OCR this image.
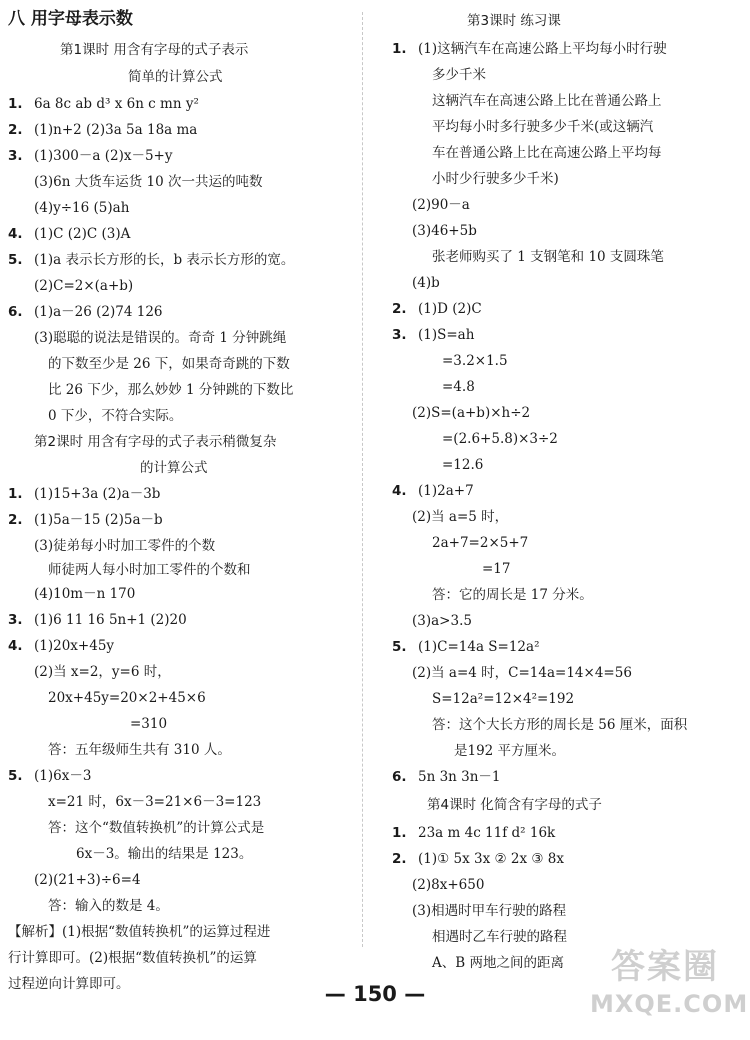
八 用字母表示数
第1课时 用含有字母的式子表示
简单的计算公式
1. 6a 8c ab d³ x 6n c mn y²
2. (1)n+2 (2)3a 5a 18a ma
3. (1)300－a (2)x－5+y
(3)6n 大货车运货 10 次一共运的吨数
(4)y÷16 (5)ah
4. (1)C (2)C (3)A
5. (1)a 表示长方形的长，b 表示长方形的宽。
(2)C=2×(a+b)
6. (1)a－26 (2)74 126
(3)聪聪的说法是错误的。奇奇 1 分钟跳绳
的下数至少是 26 下，如果奇奇跳的下数
比 26 下少，那么妙妙 1 分钟跳的下数比
0 下少，不符合实际。
第2课时 用含有字母的式子表示稍微复杂
的计算公式
1. (1)15+3a (2)a－3b
2. (1)5a－15 (2)5a－b
(3)徒弟每小时加工零件的个数
师徒两人每小时加工零件的个数和
(4)10m－n 170
3. (1)6 11 16 5n+1 (2)20
4. (1)20x+45y
(2)当 x=2，y=6 时，
20x+45y=20×2+45×6
=310
答：五年级师生共有 310 人。
5. (1)6x－3
x=21 时，6x－3=21×6－3=123
答：这个“数值转换机”的计算公式是
6x－3。输出的结果是 123。
(2)(21+3)÷6=4
答：输入的数是 4。
【解析】(1)根据“数值转换机”的运算过程进
行计算即可。(2)根据“数值转换机”的运算
过程逆向计算即可。
第3课时 练习课
1. (1)这辆汽车在高速公路上平均每小时行驶
多少千米
这辆汽车在高速公路上比在普通公路上
平均每小时多行驶多少千米(或这辆汽
车在普通公路上比在高速公路上平均每
小时少行驶多少千米)
(2)90－a
(3)46+5b
张老师购买了 1 支钢笔和 10 支圆珠笔
(4)b
2. (1)D (2)C
3. (1)S=ah
=3.2×1.5
=4.8
(2)S=(a+b)×h÷2
=(2.6+5.8)×3÷2
=12.6
4. (1)2a+7
(2)当 a=5 时，
2a+7=2×5+7
=17
答：它的周长是 17 分米。
(3)a>3.5
5. (1)C=14a S=12a²
(2)当 a=4 时，C=14a=14×4=56
S=12a²=12×4²=192
答：这个大长方形的周长是 56 厘米，面积
是192 平方厘米。
6. 5n 3n 3n－1
第4课时 化简含有字母的式子
1. 23a m 4c 11f d² 16k
2. (1)① 5x 3x ② 2x ③ 8x
(2)8x+650
(3)相遇时甲车行驶的路程
相遇时乙车行驶的路程
A、B 两地之间的距离
— 150 —
答案圈
MXQE.COM
